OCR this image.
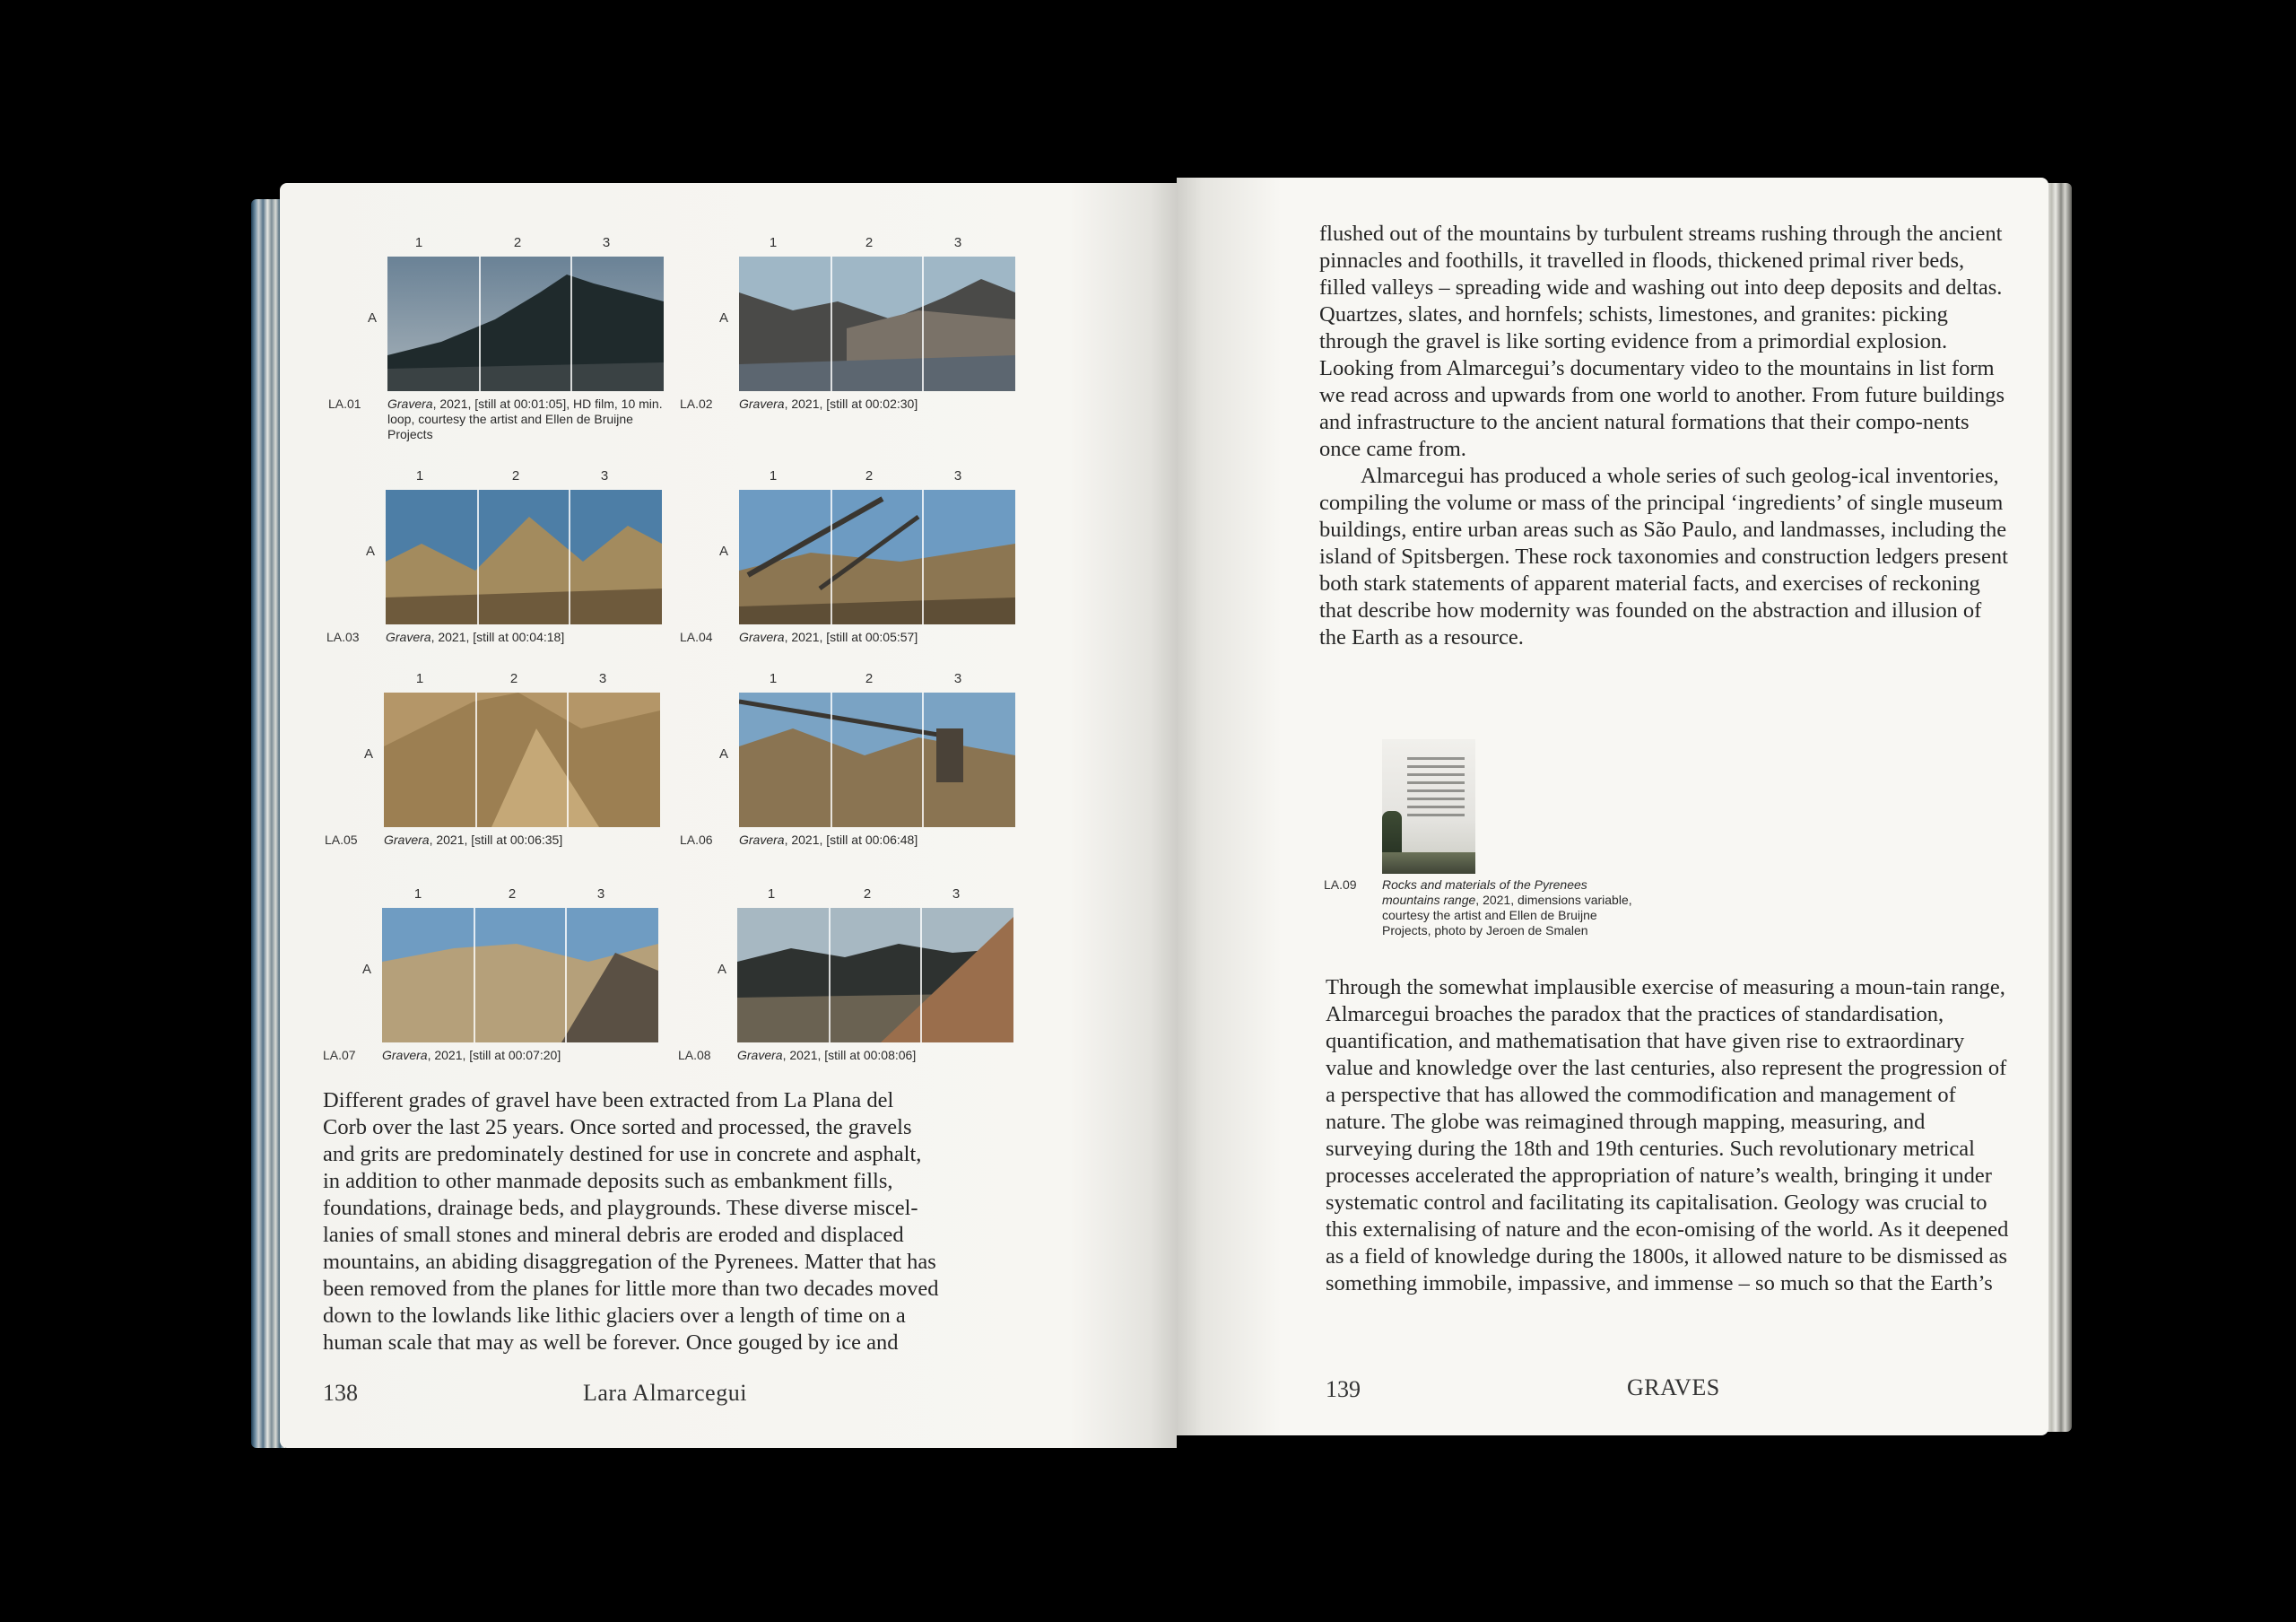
1	2	3
A
LA.01 Gravera, 2021, [still at 00:01:05], HD film, 10 min. loop, courtesy the artist and Ellen de Bruijne Projects
1	2	3
A
LA.02 Gravera, 2021, [still at 00:02:30]
1	2	3
A
LA.03 Gravera, 2021, [still at 00:04:18]
1	2	3
A
LA.04 Gravera, 2021, [still at 00:05:57]
1	2	3
A
LA.05 Gravera, 2021, [still at 00:06:35]
1	2	3
A
LA.06 Gravera, 2021, [still at 00:06:48]
1	2	3
A
LA.07 Gravera, 2021, [still at 00:07:20]
1	2	3
A
LA.08 Gravera, 2021, [still at 00:08:06]
Different grades of gravel have been extracted from La Plana del Corb over the last 25 years. Once sorted and processed, the gravels and grits are predominately destined for use in concrete and asphalt, in addition to other manmade deposits such as embankment fills, foundations, drainage beds, and playgrounds. These diverse miscel-lanies of small stones and mineral debris are eroded and displaced mountains, an abiding disaggregation of the Pyrenees. Matter that has been removed from the planes for little more than two decades moved down to the lowlands like lithic glaciers over a length of time on a human scale that may as well be forever. Once gouged by ice and
138	Lara Almarcegui

flushed out of the mountains by turbulent streams rushing through the ancient pinnacles and foothills, it travelled in floods, thickened primal river beds, filled valleys – spreading wide and washing out into deep deposits and deltas. Quartzes, slates, and hornfels; schists, limestones, and granites: picking through the gravel is like sorting evidence from a primordial explosion. Looking from Almarcegui’s documentary video to the mountains in list form we read across and upwards from one world to another. From future buildings and infrastructure to the ancient natural formations that their compo-nents once came from.

Almarcegui has produced a whole series of such geolog-ical inventories, compiling the volume or mass of the principal ‘ingredients’ of single museum buildings, entire urban areas such as São Paulo, and landmasses, including the island of Spitsbergen. These rock taxonomies and construction ledgers present both stark statements of apparent material facts, and exercises of reckoning that describe how modernity was founded on the abstraction and illusion of the Earth as a resource.

LA.09 Rocks and materials of the Pyrenees mountains range, 2021, dimensions variable, courtesy the artist and Ellen de Bruijne Projects, photo by Jeroen de Smalen

Through the somewhat implausible exercise of measuring a moun-tain range, Almarcegui broaches the paradox that the practices of standardisation, quantification, and mathematisation that have given rise to extraordinary value and knowledge over the last centuries, also represent the progression of a perspective that has allowed the commodification and management of nature. The globe was reimagined through mapping, measuring, and surveying during the 18th and 19th centuries. Such revolutionary metrical processes accelerated the appropriation of nature’s wealth, bringing it under systematic control and facilitating its capitalisation. Geology was crucial to this externalising of nature and the econ-omising of the world. As it deepened as a field of knowledge during the 1800s, it allowed nature to be dismissed as something immobile, impassive, and immense – so much so that the Earth’s

139	GRAVES
